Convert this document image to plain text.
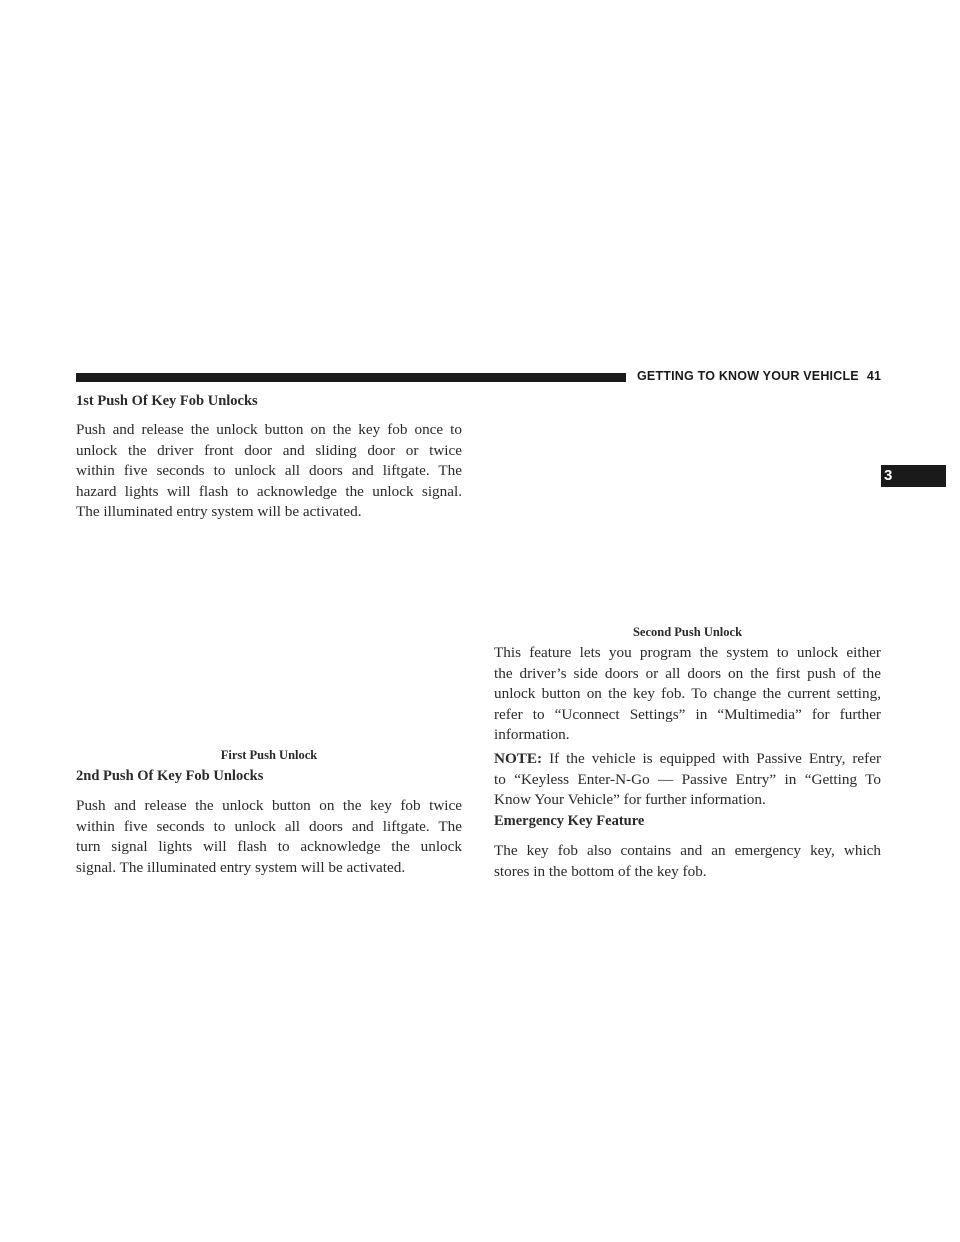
GETTING TO KNOW YOUR VEHICLE 41
3
1st Push Of Key Fob Unlocks
Push and release the unlock button on the key fob once to
unlock the driver front door and sliding door or twice
within five seconds to unlock all doors and liftgate. The
hazard lights will flash to acknowledge the unlock signal.
The illuminated entry system will be activated.
First Push Unlock
2nd Push Of Key Fob Unlocks
Push and release the unlock button on the key fob twice
within five seconds to unlock all doors and liftgate. The
turn signal lights will flash to acknowledge the unlock
signal. The illuminated entry system will be activated.
Second Push Unlock
This feature lets you program the system to unlock either
the driver’s side doors or all doors on the first push of the
unlock button on the key fob. To change the current setting,
refer to “Uconnect Settings” in “Multimedia” for further
information.
NOTE: If the vehicle is equipped with Passive Entry, refer
to “Keyless Enter-N-Go — Passive Entry” in “Getting To
Know Your Vehicle” for further information.
Emergency Key Feature
The key fob also contains and an emergency key, which
stores in the bottom of the key fob.
